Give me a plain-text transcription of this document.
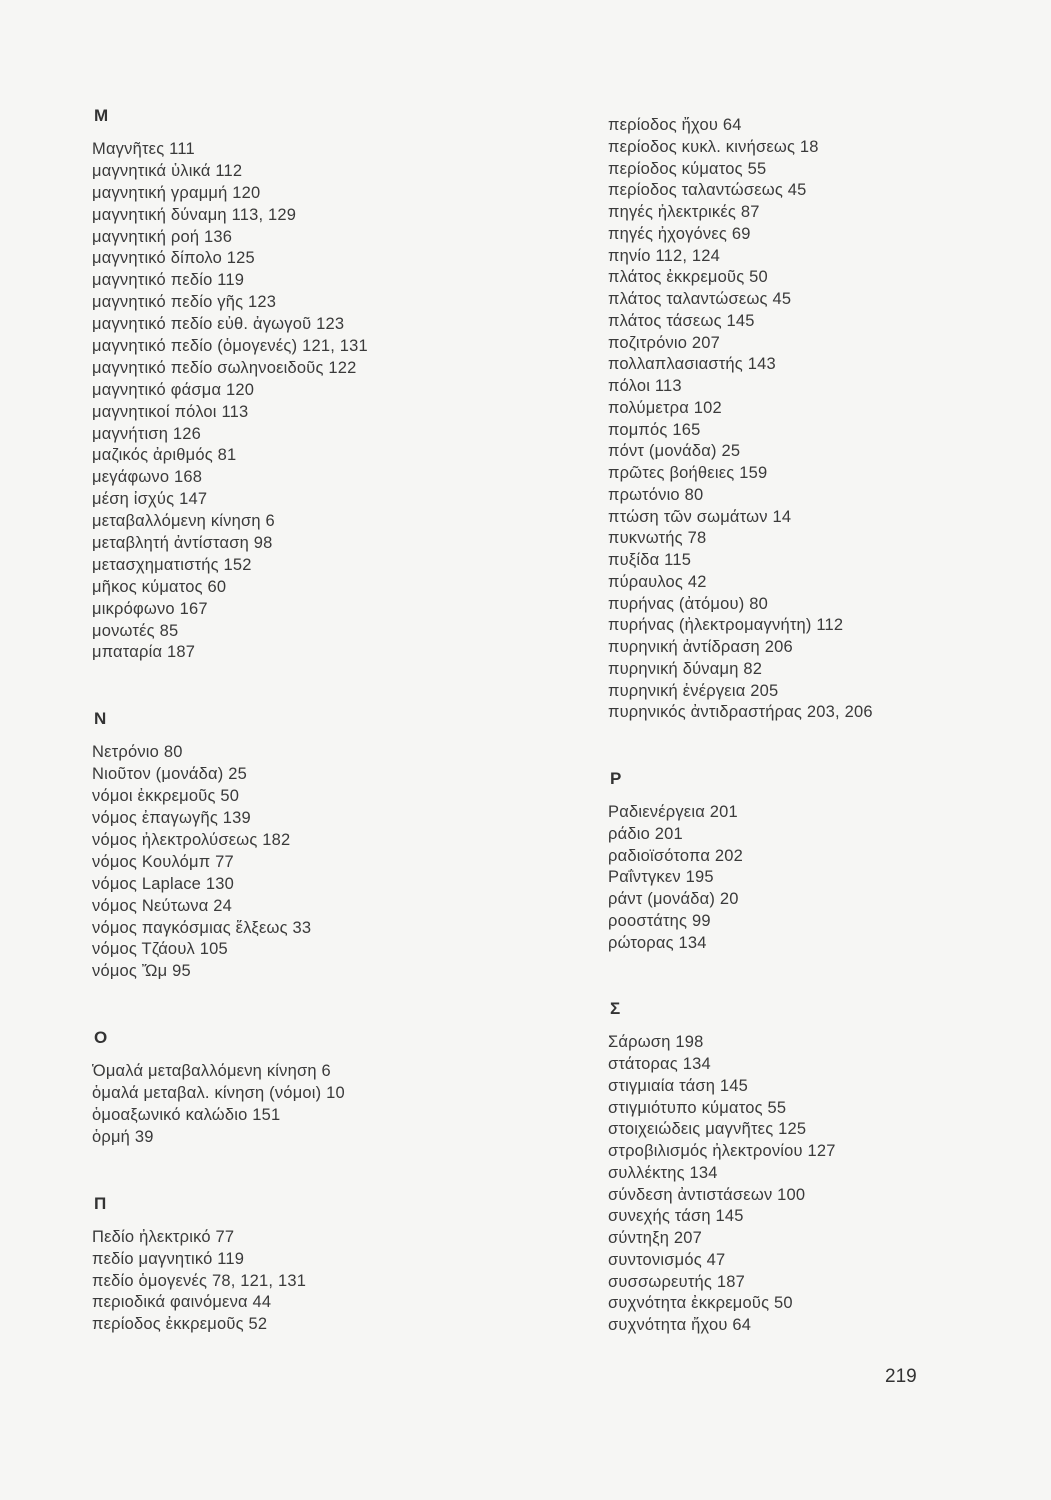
M
Μαγνῆτες 111
μαγνητικά ὑλικά 112
μαγνητική γραμμή 120
μαγνητική δύναμη 113, 129
μαγνητική ροή 136
μαγνητικό δίπολο 125
μαγνητικό πεδίο 119
μαγνητικό πεδίο γῆς 123
μαγνητικό πεδίο εὐθ. ἀγωγοῦ 123
μαγνητικό πεδίο (ὁμογενές) 121, 131
μαγνητικό πεδίο σωληνοειδοῦς 122
μαγνητικό φάσμα 120
μαγνητικοί πόλοι 113
μαγνήτιση 126
μαζικός ἀριθμός 81
μεγάφωνο 168
μέση ἰσχύς 147
μεταβαλλόμενη κίνηση 6
μεταβλητή ἀντίσταση 98
μετασχηματιστής 152
μῆκος κύματος 60
μικρόφωνο 167
μονωτές 85
μπαταρία 187
N
Νετρόνιο 80
Νιοῦτον (μονάδα) 25
νόμοι ἐκκρεμοῦς 50
νόμος ἐπαγωγῆς 139
νόμος ἠλεκτρολύσεως 182
νόμος Κουλόμπ 77
νόμος Laplace 130
νόμος Νεύτωνα 24
νόμος παγκόσμιας ἕλξεως 33
νόμος Τζάουλ 105
νόμος Ὤμ 95
O
Ὁμαλά μεταβαλλόμενη κίνηση 6
ὁμαλά μεταβαλ. κίνηση (νόμοι) 10
ὁμοαξωνικό καλώδιο 151
ὁρμή 39
Π
Πεδίο ἠλεκτρικό 77
πεδίο μαγνητικό 119
πεδίο ὁμογενές 78, 121, 131
περιοδικά φαινόμενα 44
περίοδος ἐκκρεμοῦς 52
περίοδος ἤχου 64
περίοδος κυκλ. κινήσεως 18
περίοδος κύματος 55
περίοδος ταλαντώσεως 45
πηγές ἠλεκτρικές 87
πηγές ἠχογόνες 69
πηνίο 112, 124
πλάτος ἐκκρεμοῦς 50
πλάτος ταλαντώσεως 45
πλάτος τάσεως 145
ποζιτρόνιο 207
πολλαπλασιαστής 143
πόλοι 113
πολύμετρα 102
πομπός 165
πόντ (μονάδα) 25
πρῶτες βοήθειες 159
πρωτόνιο 80
πτώση τῶν σωμάτων 14
πυκνωτής 78
πυξίδα 115
πύραυλος 42
πυρήνας (ἀτόμου) 80
πυρήνας (ἠλεκτρομαγνήτη) 112
πυρηνική ἀντίδραση 206
πυρηνική δύναμη 82
πυρηνική ἐνέργεια 205
πυρηνικός ἀντιδραστήρας 203, 206
P
Ραδιενέργεια 201
ράδιο 201
ραδιοϊσότοπα 202
Ραΐντγκεν 195
ράντ (μονάδα) 20
ροοστάτης 99
ρώτορας 134
Σ
Σάρωση 198
στάτορας 134
στιγμιαία τάση 145
στιγμιότυπο κύματος 55
στοιχειώδεις μαγνῆτες 125
στροβιλισμός ἠλεκτρονίου 127
συλλέκτης 134
σύνδεση ἀντιστάσεων 100
συνεχής τάση 145
σύντηξη 207
συντονισμός 47
συσσωρευτής 187
συχνότητα ἐκκρεμοῦς 50
συχνότητα ἤχου 64
219
